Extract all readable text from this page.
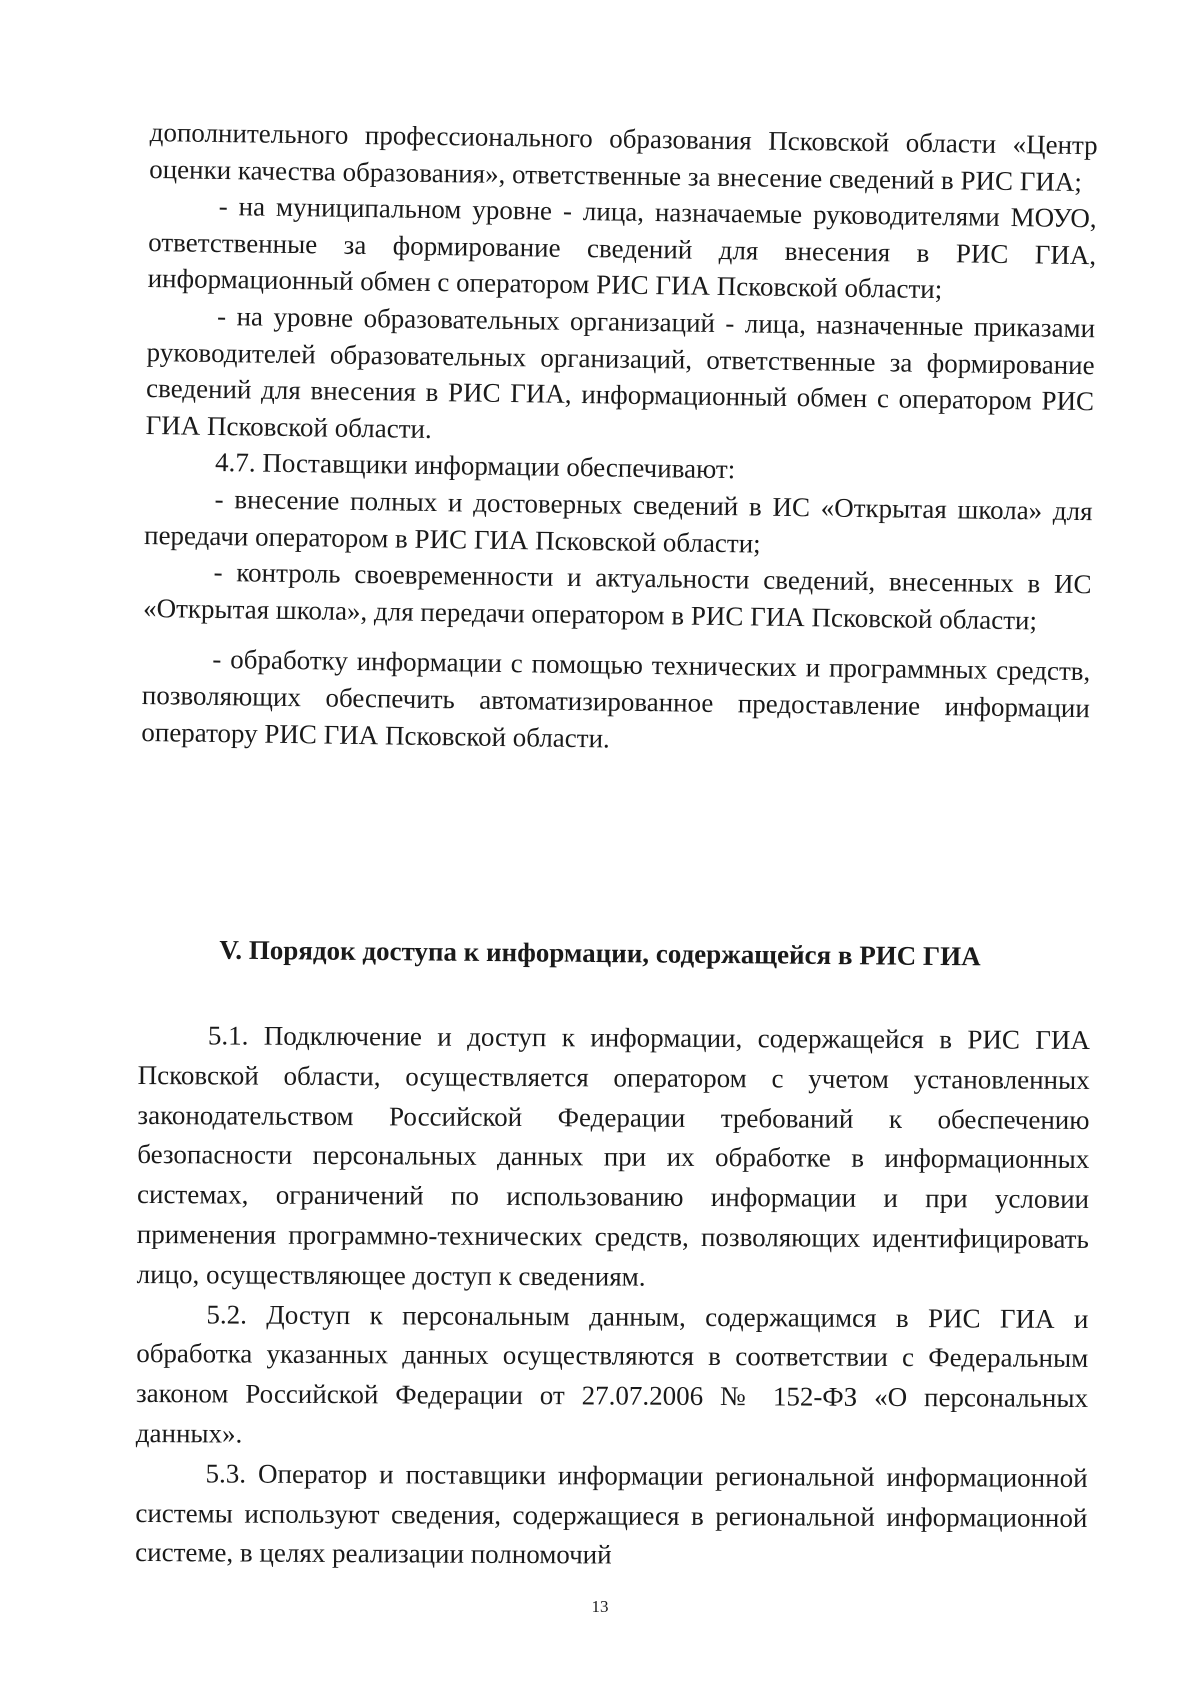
дополнительного профессионального образования Псковской области «Центр оценки качества образования», ответственные за внесение сведений в РИС ГИА;

- на муниципальном уровне - лица, назначаемые руководителями МОУО, ответственные за формирование сведений для внесения в РИС ГИА, информационный обмен с оператором РИС ГИА Псковской области;

- на уровне образовательных организаций - лица, назначенные приказами руководителей образовательных организаций, ответственные за формирование сведений для внесения в РИС ГИА, информационный обмен с оператором РИС ГИА Псковской области.

4.7. Поставщики информации обеспечивают:

- внесение полных и достоверных сведений в ИС «Открытая школа» для передачи оператором в РИС ГИА Псковской области;

- контроль своевременности и актуальности сведений, внесенных в ИС «Открытая школа», для передачи оператором в РИС ГИА Псковской области;

- обработку информации с помощью технических и программных средств, позволяющих обеспечить автоматизированное предоставление информации оператору РИС ГИА Псковской области.

V. Порядок доступа к информации, содержащейся в РИС ГИА

5.1. Подключение и доступ к информации, содержащейся в РИС ГИА Псковской области, осуществляется оператором с учетом установленных законодательством Российской Федерации требований к обеспечению безопасности персональных данных при их обработке в информационных системах, ограничений по использованию информации и при условии применения программно-технических средств, позволяющих идентифицировать лицо, осуществляющее доступ к сведениям.

5.2. Доступ к персональным данным, содержащимся в РИС ГИА и обработка указанных данных осуществляются в соответствии с Федеральным законом Российской Федерации от 27.07.2006 № 152-ФЗ «О персональных данных».

5.3. Оператор и поставщики информации региональной информационной системы используют сведения, содержащиеся в региональной информационной системе, в целях реализации полномочий

13
